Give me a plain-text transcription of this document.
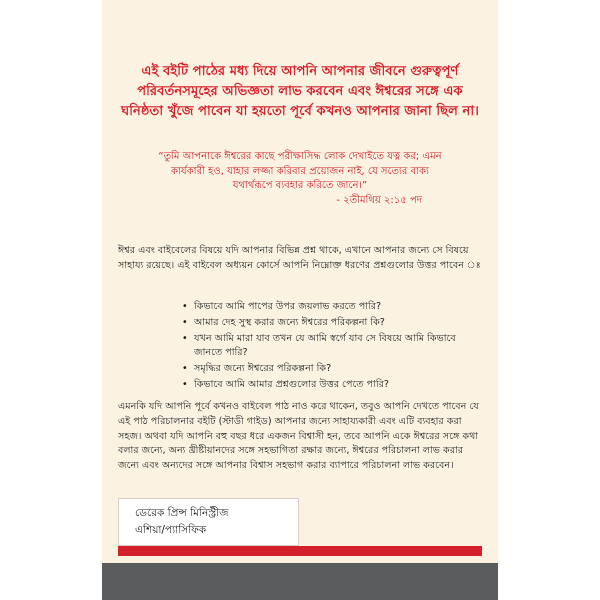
এই বইটি পাঠের মধ্য দিয়ে আপনি আপনার জীবনে গুরুত্বপূর্ণ পরিবর্তনসমূহের অভিজ্ঞতা লাভ করবেন এবং ঈশ্বরের সঙ্গে এক ঘনিষ্ঠতা খুঁজে পাবেন যা হয়তো পূর্বে কখনও আপনার জানা ছিল না।
“তুমি আপনাকে ঈশ্বরের কাছে পরীক্ষাসিদ্ধ লোক দেখাইতে যত্ন কর; এমন কার্যকারী হও, যাহার লজ্জা করিবার প্রয়োজন নাই, যে সত্যের বাক্য যথার্থরূপে ব্যবহার করিতে জানে।”
- ২তীমথিয় ২:১৫ পদ
ঈশ্বর এবং বাইবেলের বিষয়ে যদি আপনার বিভিন্ন প্রশ্ন থাকে, এখানে আপনার জন্যে সে বিষয়ে সাহায্য রয়েছে। এই বাইবেল অধ্যয়ন কোর্সে আপনি নিম্নোক্ত ধরণের প্রশ্নগুলোর উত্তর পাবেন ঃ
• কিভাবে আমি পাপের উপর জয়লাভ করতে পারি?
• আমার দেহ সুস্থ করার জন্যে ঈশ্বরের পরিকল্পনা কি?
• যখন আমি মারা যাব তখন যে আমি স্বর্গে যাব সে বিষয়ে আমি কিভাবে জানতে পারি?
• সমৃদ্ধির জন্যে ঈশ্বরের পরিকল্পনা কি?
• কিভাবে আমি আমার প্রশ্নগুলোর উত্তর পেতে পারি?
এমনকি যদি আপনি পূর্বে কখনও বাইবেল পাঠ নাও করে থাকেন, তবুও আপনি দেখতে পাবেন যে এই পাঠ পরিচালনার বইটি (স্টাডী গাইড) আপনার জন্যে সাহায্যকারী এবং এটি ব্যবহার করা সহজ। অথবা যদি আপনি বহু বছর ধরে একজন বিশ্বাসী হন, তবে আপনি একে ঈশ্বরের সঙ্গে কথা বলার জন্যে, অন্য খ্রীষ্টীয়ানদের সঙ্গে সহভাগিতা রক্ষার জন্যে, ঈশ্বরের পরিচালনা লাভ করার জন্যে এবং অন্যদের সঙ্গে আপনার বিশ্বাস সহভাগ করার ব্যাপারে পরিচালনা লাভ করবেন।
ডেরেক প্রিন্স মিনিস্ট্রীজ
এশিয়া/প্যাসিফিক
